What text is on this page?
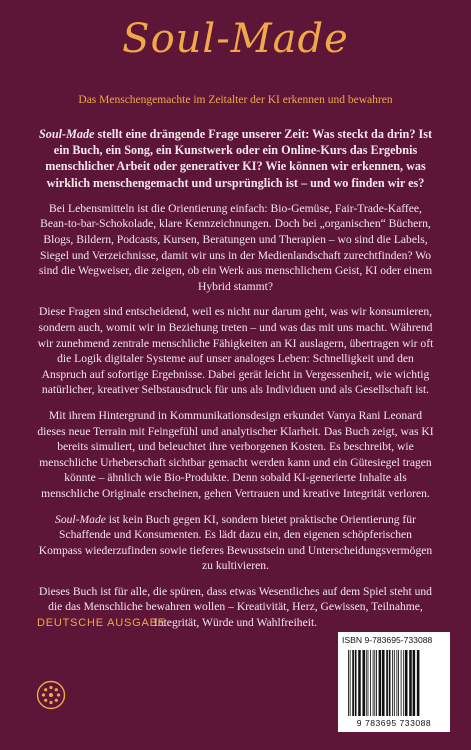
Soul-Made
Das Menschengemachte im Zeitalter der KI erkennen und bewahren

Soul-Made stellt eine drängende Frage unserer Zeit: Was steckt da drin? Ist ein Buch, ein Song, ein Kunstwerk oder ein Online-Kurs das Ergebnis menschlicher Arbeit oder generativer KI? Wie können wir erkennen, was wirklich menschengemacht und ursprünglich ist – und wo finden wir es?

Bei Lebensmitteln ist die Orientierung einfach: Bio-Gemüse, Fair-Trade-Kaffee, Bean-to-bar-Schokolade, klare Kennzeichnungen. Doch bei „organischen“ Büchern, Blogs, Bildern, Podcasts, Kursen, Beratungen und Therapien – wo sind die Labels, Siegel und Verzeichnisse, damit wir uns in der Medienlandschaft zurechtfinden? Wo sind die Wegweiser, die zeigen, ob ein Werk aus menschlichem Geist, KI oder einem Hybrid stammt?

Diese Fragen sind entscheidend, weil es nicht nur darum geht, was wir konsumieren, sondern auch, womit wir in Beziehung treten – und was das mit uns macht. Während wir zunehmend zentrale menschliche Fähigkeiten an KI auslagern, übertragen wir oft die Logik digitaler Systeme auf unser analoges Leben: Schnelligkeit und den Anspruch auf sofortige Ergebnisse. Dabei gerät leicht in Vergessenheit, wie wichtig natürlicher, kreativer Selbstausdruck für uns als Individuen und als Gesellschaft ist.

Mit ihrem Hintergrund in Kommunikationsdesign erkundet Vanya Rani Leonard dieses neue Terrain mit Feingefühl und analytischer Klarheit. Das Buch zeigt, was KI bereits simuliert, und beleuchtet ihre verborgenen Kosten. Es beschreibt, wie menschliche Urheberschaft sichtbar gemacht werden kann und ein Gütesiegel tragen könnte – ähnlich wie Bio-Produkte. Denn sobald KI-generierte Inhalte als menschliche Originale erscheinen, gehen Vertrauen und kreative Integrität verloren.

Soul-Made ist kein Buch gegen KI, sondern bietet praktische Orientierung für Schaffende und Konsumenten. Es lädt dazu ein, den eigenen schöpferischen Kompass wiederzufinden sowie tieferes Bewusstsein und Unterscheidungsvermögen zu kultivieren.

Dieses Buch ist für alle, die spüren, dass etwas Wesentliches auf dem Spiel steht und die das Menschliche bewahren wollen – Kreativität, Herz, Gewissen, Teilnahme, Integrität, Würde und Wahlfreiheit.

DEUTSCHE AUSGABE
ISBN 9-783695-733088
9 783695 733088
